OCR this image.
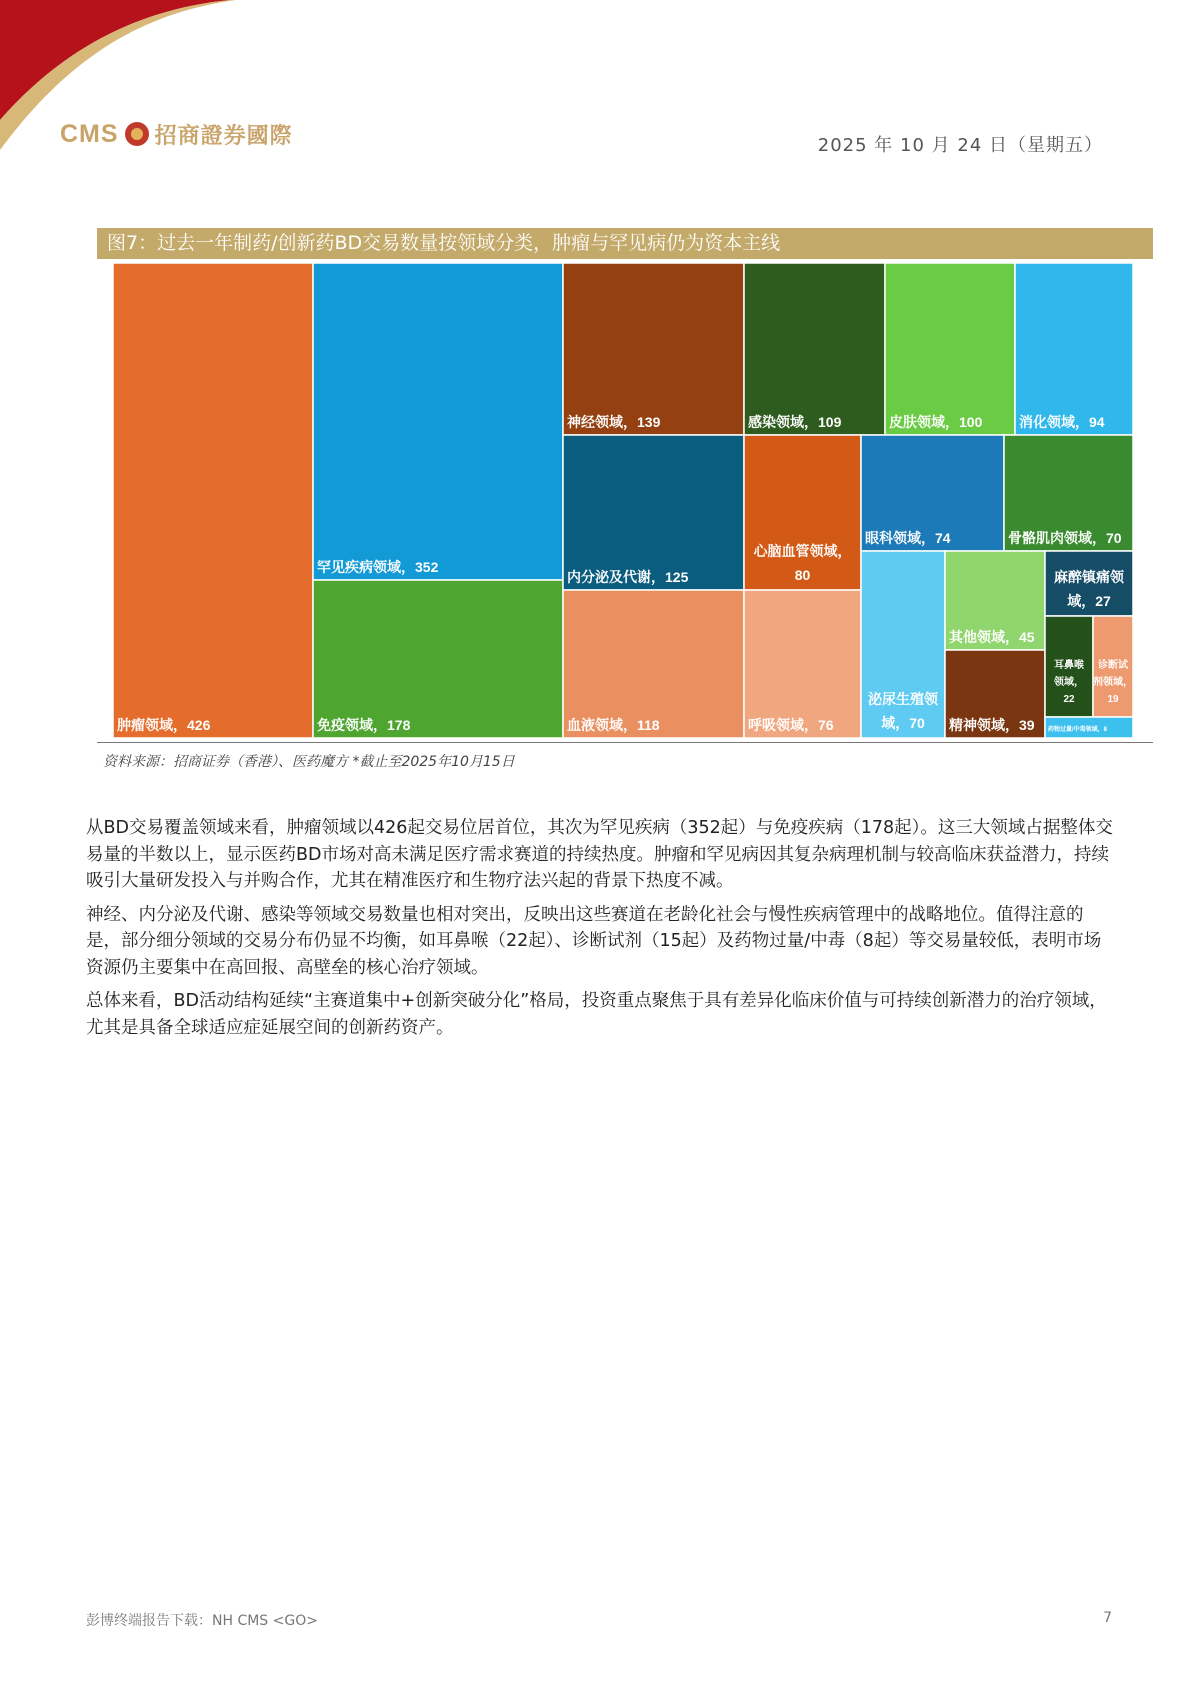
CMS 招商證券國際	2025 年 10 月 24 日（星期五）
图7：过去一年制药/创新药BD交易数量按领域分类，肿瘤与罕见病仍为资本主线
肿瘤领域，426
罕见疾病领域，352
免疫领域，178
神经领域，139
内分泌及代谢，125
血液领域，118
感染领域，109	皮肤领域，100	消化领域，94
心脑血管领域，
80
呼吸领域，76
眼科领域，74	骨骼肌肉领域，70
泌尿生殖领
域，70
其他领域，45
精神领域，39
麻醉镇痛领
域，27
耳鼻喉
领域，
22
诊断试
剂领域，
19
药物过量/中毒领域，8
资料来源：招商证券（香港）、医药魔方 *截止至2025年10月15日

从BD交易覆盖领域来看，肿瘤领域以426起交易位居首位，其次为罕见疾病（352起）与免疫疾病（178起）。这三大领域占据整体交易量的半数以上，显示医药BD市场对高未满足医疗需求赛道的持续热度。肿瘤和罕见病因其复杂病理机制与较高临床获益潜力，持续吸引大量研发投入与并购合作，尤其在精准医疗和生物疗法兴起的背景下热度不减。

神经、内分泌及代谢、感染等领域交易数量也相对突出，反映出这些赛道在老龄化社会与慢性疾病管理中的战略地位。值得注意的是，部分细分领域的交易分布仍显不均衡，如耳鼻喉（22起）、诊断试剂（15起）及药物过量/中毒（8起）等交易量较低，表明市场资源仍主要集中在高回报、高壁垒的核心治疗领域。

总体来看，BD活动结构延续“主赛道集中+创新突破分化”格局，投资重点聚焦于具有差异化临床价值与可持续创新潜力的治疗领域，尤其是具备全球适应症延展空间的创新药资产。

彭博终端报告下载：NH CMS <GO>	7
